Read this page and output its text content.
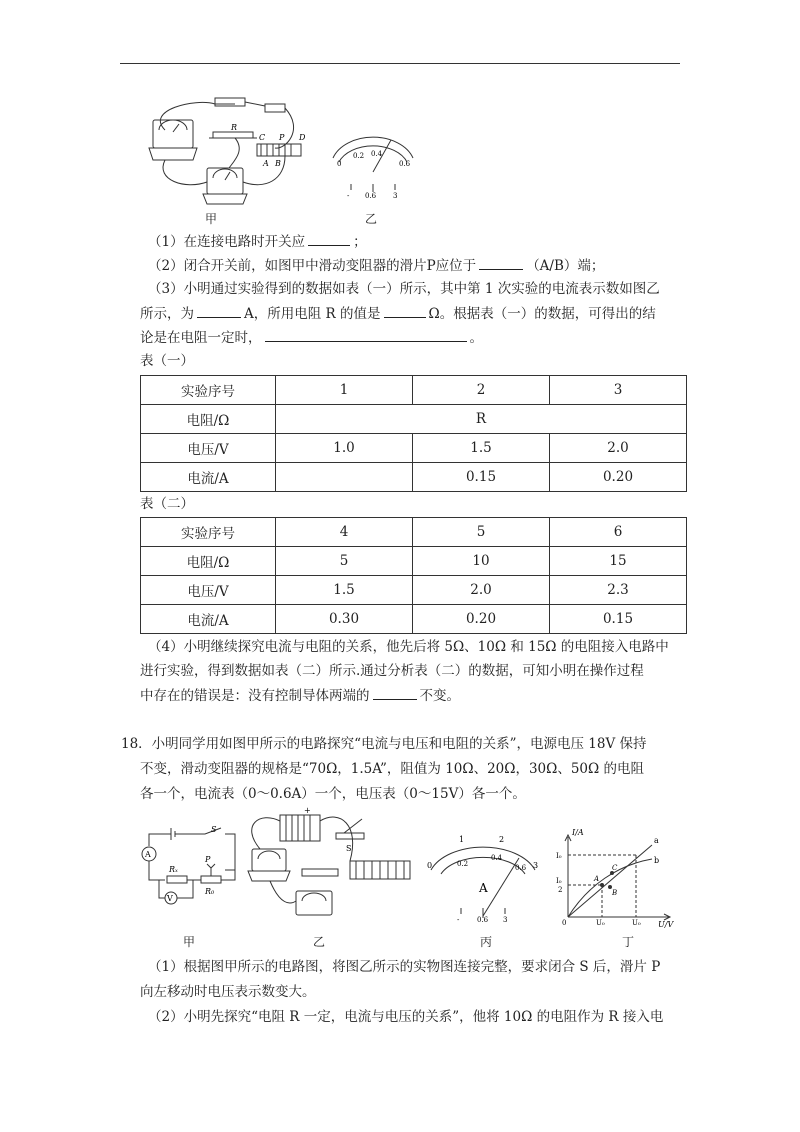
R
C P D
A B
甲
0
0.2 0.4
0.6
- 0.6 3
乙
（1）在连接电路时开关应	；
（2）闭合开关前，如图甲中滑动变阻器的滑片P应位于	（A/B）端；
（3）小明通过实验得到的数据如表（一）所示，其中第 1 次实验的电流表示数如图乙
所示，为	A，所用电阻 R 的值是	Ω。根据表（一）的数据，可得出的结
论是在电阻一定时，	。
表（一）
实验序号	1	2	3
电阻/Ω	R		
电压/V	1.0	1.5	2.0
电流/A		0.15	0.20
表（二）
实验序号	4	5	6
电阻/Ω	5	10	15
电压/V	1.5	2.0	2.3
电流/A	0.30	0.20	0.15
（4）小明继续探究电流与电阻的关系，他先后将 5Ω、10Ω 和 15Ω 的电阻接入电路中
进行实验，得到数据如表（二）所示.通过分析表（二）的数据，可知小明在操作过程
中存在的错误是：没有控制导体两端的	不变。
18．小明同学用如图甲所示的电路探究“电流与电压和电阻的关系”，电源电压 18V 保持
不变，滑动变阻器的规格是“70Ω，1.5A”，阻值为 10Ω、20Ω，30Ω、50Ω 的电阻
各一个，电流表（0～0.6A）一个，电压表（0～15V）各一个。
S
A
V
Rₓ
P
R₀
甲
+
S
乙
0
1	2
3
0.2
0.4
0.6
A
-	0.6 3
丙
I/A
U/V
I₀
I₀
2
U₀	U₀
0
a
b
A
B
C
丁
（1）根据图甲所示的电路图，将图乙所示的实物图连接完整，要求闭合 S 后，滑片 P
向左移动时电压表示数变大。
（2）小明先探究“电阻 R 一定，电流与电压的关系”，他将 10Ω 的电阻作为 R 接入电
